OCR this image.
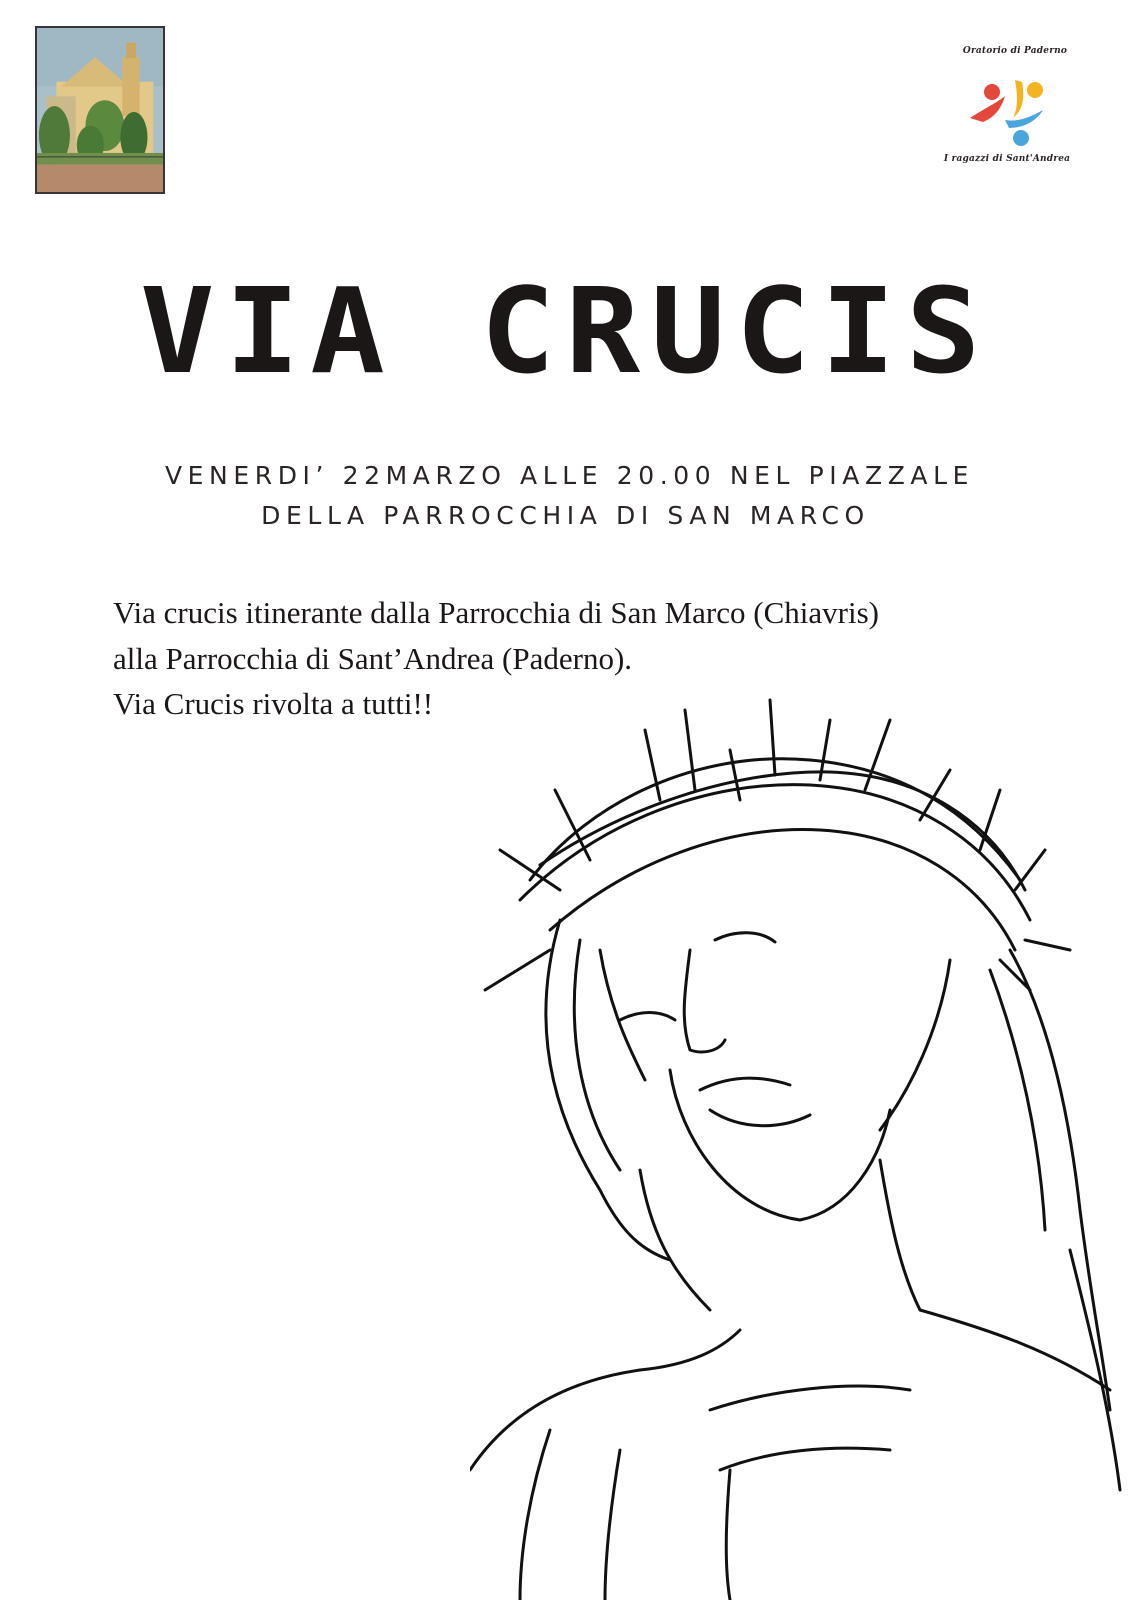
Oratorio di Paderno
I ragazzi di Sant'Andrea
VIA CRUCIS
VENERDI’ 22MARZO ALLE 20.00 NEL PIAZZALE
DELLA PARROCCHIA DI SAN MARCO
Via crucis itinerante dalla Parrocchia di San Marco (Chiavris)
alla Parrocchia di Sant’Andrea (Paderno).
Via Crucis rivolta a tutti!!
